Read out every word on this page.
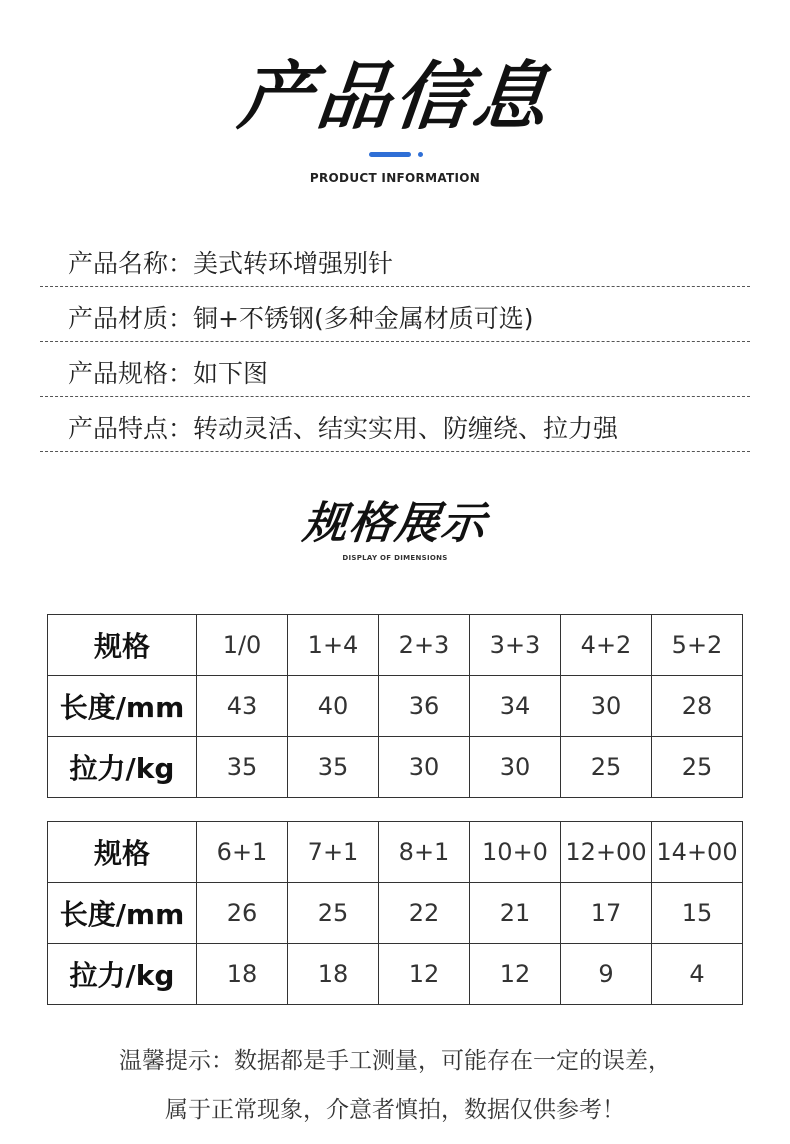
产品信息
PRODUCT INFORMATION
产品名称：美式转环增强别针
产品材质：铜+不锈钢(多种金属材质可选)
产品规格：如下图
产品特点：转动灵活、结实实用、防缠绕、拉力强
规格展示
DISPLAY OF DIMENSIONS
规格	1/0	1+4	2+3	3+3	4+2	5+2
长度/mm	43	40	36	34	30	28
拉力/kg	35	35	30	30	25	25
规格	6+1	7+1	8+1	10+0	12+00	14+00
长度/mm	26	25	22	21	17	15
拉力/kg	18	18	12	12	9	4
温馨提示：数据都是手工测量，可能存在一定的误差，
属于正常现象，介意者慎拍，数据仅供参考！
